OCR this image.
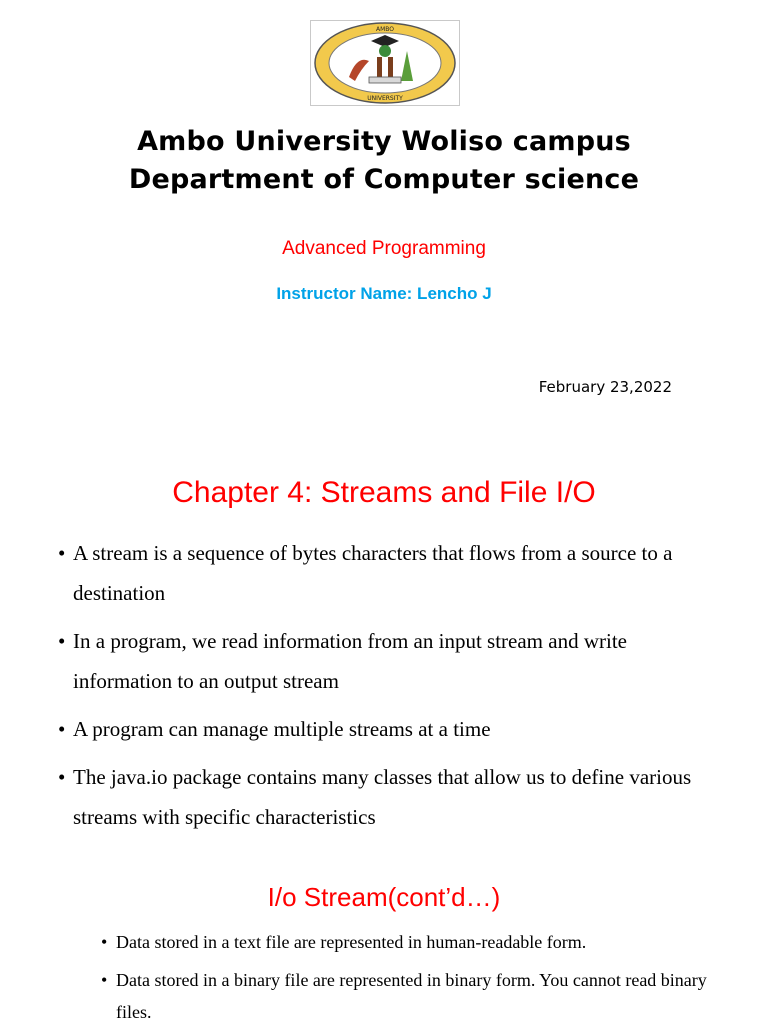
AMBO
UNIVERSITY
Ambo University Woliso campus
Department of Computer science
Advanced Programming
Instructor Name: Lencho J
February 23,2022
Chapter 4: Streams and File I/O
• A stream is a sequence of bytes characters that flows from a source to a destination
• In a program, we read information from an input stream and write information to an output stream
• A program can manage multiple streams at a time
• The java.io package contains many classes that allow us to define various streams with specific characteristics
I/o Stream(cont’d…)
• Data stored in a text file are represented in human-readable form.
• Data stored in a binary file are represented in binary form. You cannot read binary files.
